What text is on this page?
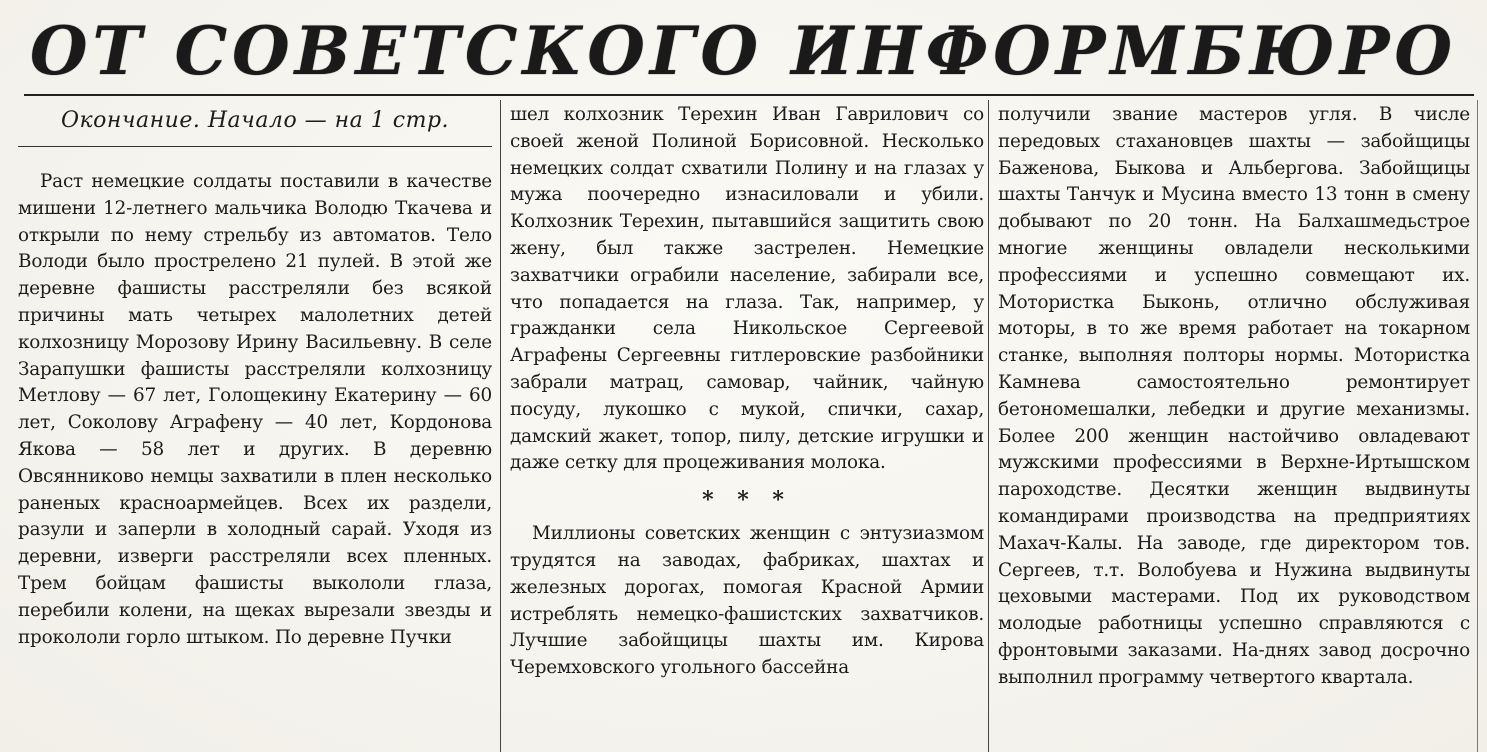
ОТ СОВЕТСКОГО ИНФОРМБЮРО
Окончание. Начало — на 1 стр.

Раст немецкие солдаты поставили в качестве мишени 12-летнего мальчика Володю Ткачева и открыли по нему стрельбу из автоматов. Тело Володи было прострелено 21 пулей. В этой же деревне фашисты расстреляли без всякой причины мать четырех малолетних детей колхозницу Морозову Ирину Васильевну. В селе Зарапушки фашисты расстреляли колхозницу Метлову — 67 лет, Голощекину Екатерину — 60 лет, Соколову Аграфену — 40 лет, Кордонова Якова — 58 лет и других. В деревню Овсянниково немцы захватили в плен несколько раненых красноармейцев. Всех их раздели, разули и заперли в холодный сарай. Уходя из деревни, изверги расстреляли всех пленных. Трем бойцам фашисты выкололи глаза, перебили колени, на щеках вырезали звезды и прокололи горло штыком. По деревне Пучки

шел колхозник Терехин Иван Гаврилович со своей женой Полиной Борисовной. Несколько немецких солдат схватили Полину и на глазах у мужа поочередно изнасиловали и убили. Колхозник Терехин, пытавшийся защитить свою жену, был также застрелен. Немецкие захватчики ограбили население, забирали все, что попадается на глаза. Так, например, у гражданки села Никольское Сергеевой Аграфены Сергеевны гитлеровские разбойники забрали матрац, самовар, чайник, чайную посуду, лукошко с мукой, спички, сахар, дамский жакет, топор, пилу, детские игрушки и даже сетку для процеживания молока.

* * *

Миллионы советских женщин с энтузиазмом трудятся на заводах, фабриках, шахтах и железных дорогах, помогая Красной Армии истреблять немецко-фашистских захватчиков. Лучшие забойщицы шахты им. Кирова Черемховского угольного бассейна

получили звание мастеров угля. В числе передовых стахановцев шахты — забойщицы Баженова, Быкова и Альбергова. Забойщицы шахты Танчук и Мусина вместо 13 тонн в смену добывают по 20 тонн. На Балхашмедьстрое многие женщины овладели несколькими профессиями и успешно совмещают их. Мотористка Быконь, отлично обслуживая моторы, в то же время работает на токарном станке, выполняя полторы нормы. Мотористка Камнева самостоятельно ремонтирует бетономешалки, лебедки и другие механизмы. Более 200 женщин настойчиво овладевают мужскими профессиями в Верхне-Иртышском пароходстве. Десятки женщин выдвинуты командирами производства на предприятиях Махач-Калы. На заводе, где директором тов. Сергеев, т.т. Волобуева и Нужина выдвинуты цеховыми мастерами. Под их руководством молодые работницы успешно справляются с фронтовыми заказами. На-днях завод досрочно выполнил программу четвертого квартала.
